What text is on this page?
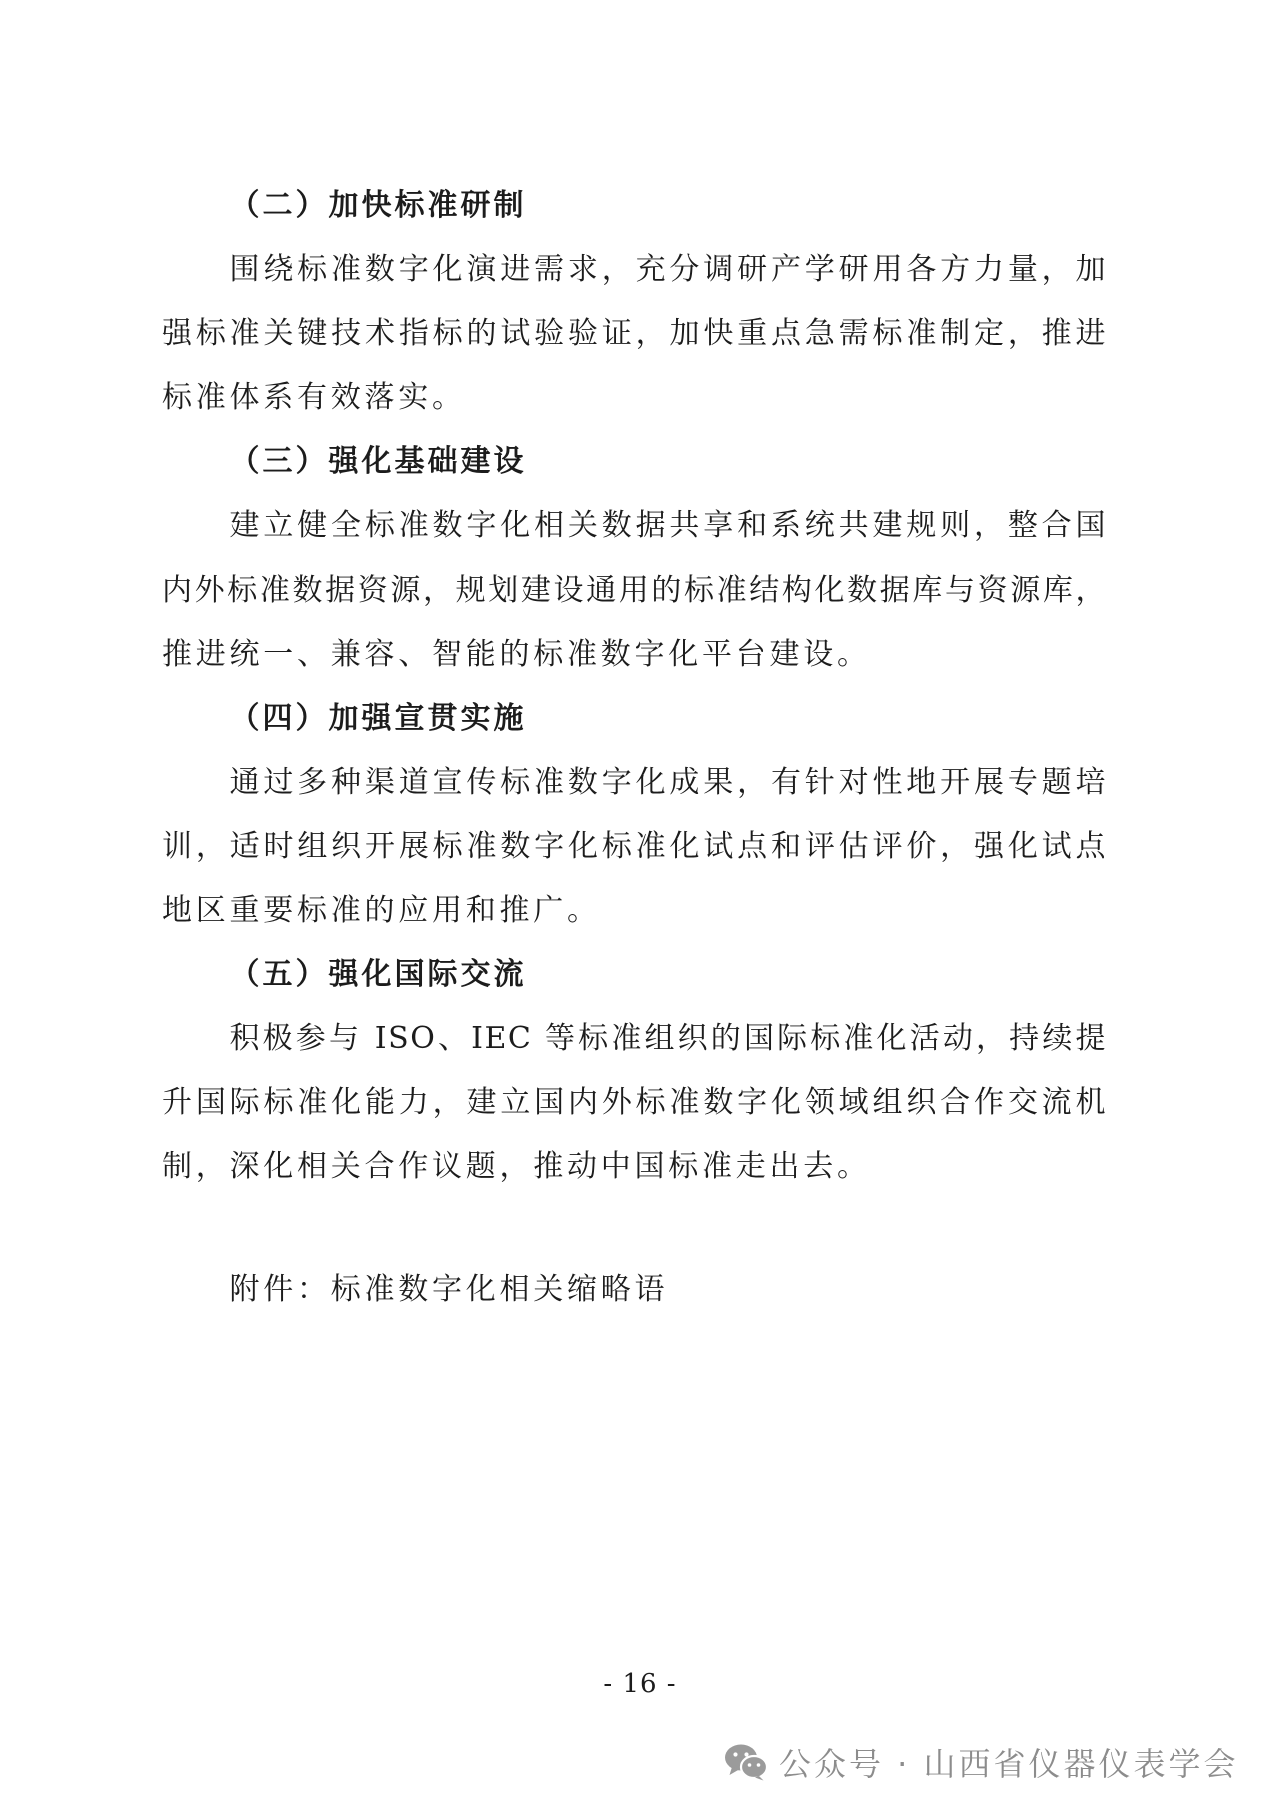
（二）加快标准研制
围绕标准数字化演进需求，充分调研产学研用各方力量，加
强标准关键技术指标的试验验证，加快重点急需标准制定，推进
标准体系有效落实。
（三）强化基础建设
建立健全标准数字化相关数据共享和系统共建规则，整合国
内外标准数据资源，规划建设通用的标准结构化数据库与资源库，
推进统一、兼容、智能的标准数字化平台建设。
（四）加强宣贯实施
通过多种渠道宣传标准数字化成果，有针对性地开展专题培
训，适时组织开展标准数字化标准化试点和评估评价，强化试点
地区重要标准的应用和推广。
（五）强化国际交流
积极参与 ISO、IEC 等标准组织的国际标准化活动，持续提
升国际标准化能力，建立国内外标准数字化领域组织合作交流机
制，深化相关合作议题，推动中国标准走出去。
附件：标准数字化相关缩略语
- 16 -
公众号 · 山西省仪器仪表学会
